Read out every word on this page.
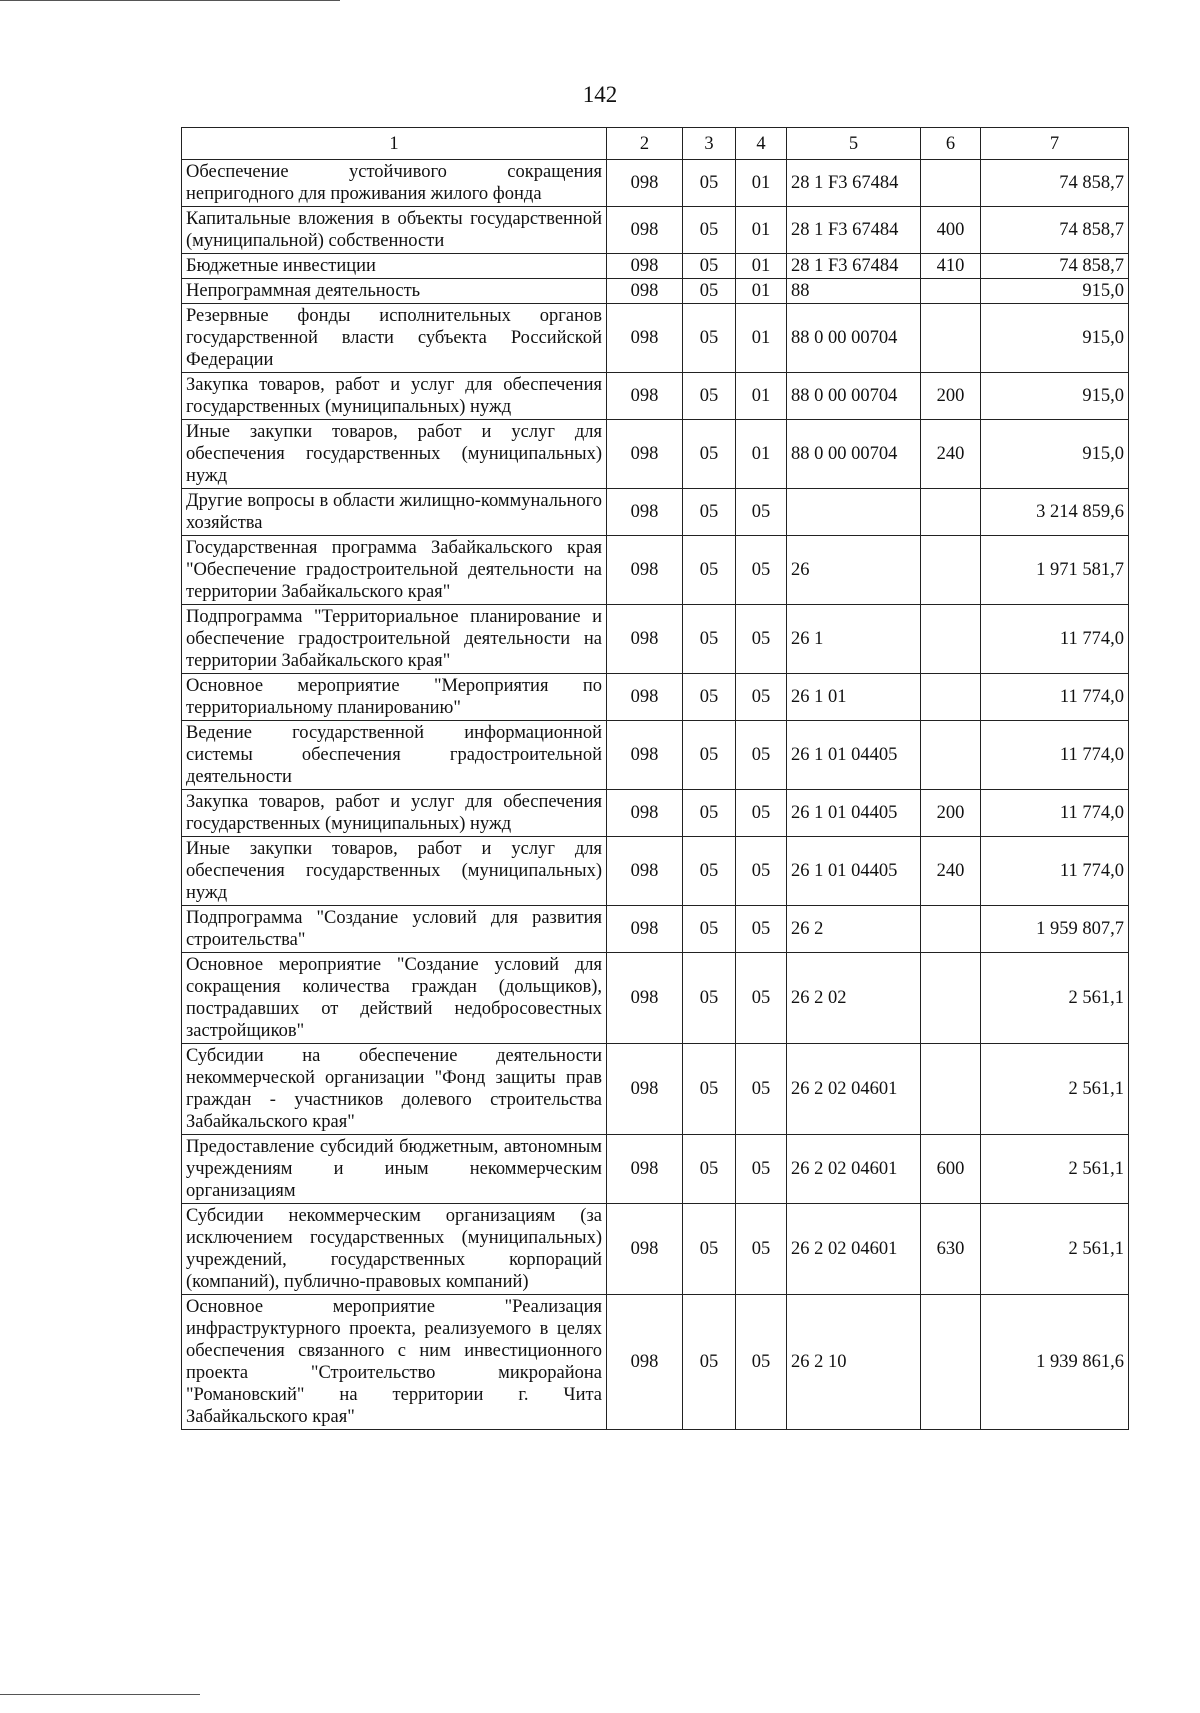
142
1	2	3	4	5	6	7
Обеспечение устойчивого сокращения непригодного для проживания жилого фонда	098	05	01	28 1 F3 67484		74 858,7
Капитальные вложения в объекты государственной (муниципальной) собственности	098	05	01	28 1 F3 67484	400	74 858,7
Бюджетные инвестиции	098	05	01	28 1 F3 67484	410	74 858,7
Непрограммная деятельность	098	05	01	88		915,0
Резервные фонды исполнительных органов государственной власти субъекта Российской Федерации	098	05	01	88 0 00 00704		915,0
Закупка товаров, работ и услуг для обеспечения государственных (муниципальных) нужд	098	05	01	88 0 00 00704	200	915,0
Иные закупки товаров, работ и услуг для обеспечения государственных (муниципальных) нужд	098	05	01	88 0 00 00704	240	915,0
Другие вопросы в области жилищно-коммунального хозяйства	098	05	05			3 214 859,6
Государственная программа Забайкальского края "Обеспечение градостроительной деятельности на территории Забайкальского края"	098	05	05	26		1 971 581,7
Подпрограмма "Территориальное планирование и обеспечение градостроительной деятельности на территории Забайкальского края"	098	05	05	26 1		11 774,0
Основное мероприятие "Мероприятия по территориальному планированию"	098	05	05	26 1 01		11 774,0
Ведение государственной информационной системы обеспечения градостроительной деятельности	098	05	05	26 1 01 04405		11 774,0
Закупка товаров, работ и услуг для обеспечения государственных (муниципальных) нужд	098	05	05	26 1 01 04405	200	11 774,0
Иные закупки товаров, работ и услуг для обеспечения государственных (муниципальных) нужд	098	05	05	26 1 01 04405	240	11 774,0
Подпрограмма "Создание условий для развития строительства"	098	05	05	26 2		1 959 807,7
Основное мероприятие "Создание условий для сокращения количества граждан (дольщиков), пострадавших от действий недобросовестных застройщиков"	098	05	05	26 2 02		2 561,1
Субсидии на обеспечение деятельности некоммерческой организации "Фонд защиты прав граждан - участников долевого строительства Забайкальского края"	098	05	05	26 2 02 04601		2 561,1
Предоставление субсидий бюджетным, автономным учреждениям и иным некоммерческим организациям	098	05	05	26 2 02 04601	600	2 561,1
Субсидии некоммерческим организациям (за исключением государственных (муниципальных) учреждений, государственных корпораций (компаний), публично-правовых компаний)	098	05	05	26 2 02 04601	630	2 561,1
Основное мероприятие "Реализация инфраструктурного проекта, реализуемого в целях обеспечения связанного с ним инвестиционного проекта "Строительство микрорайона "Романовский" на территории г. Чита Забайкальского края"	098	05	05	26 2 10		1 939 861,6
